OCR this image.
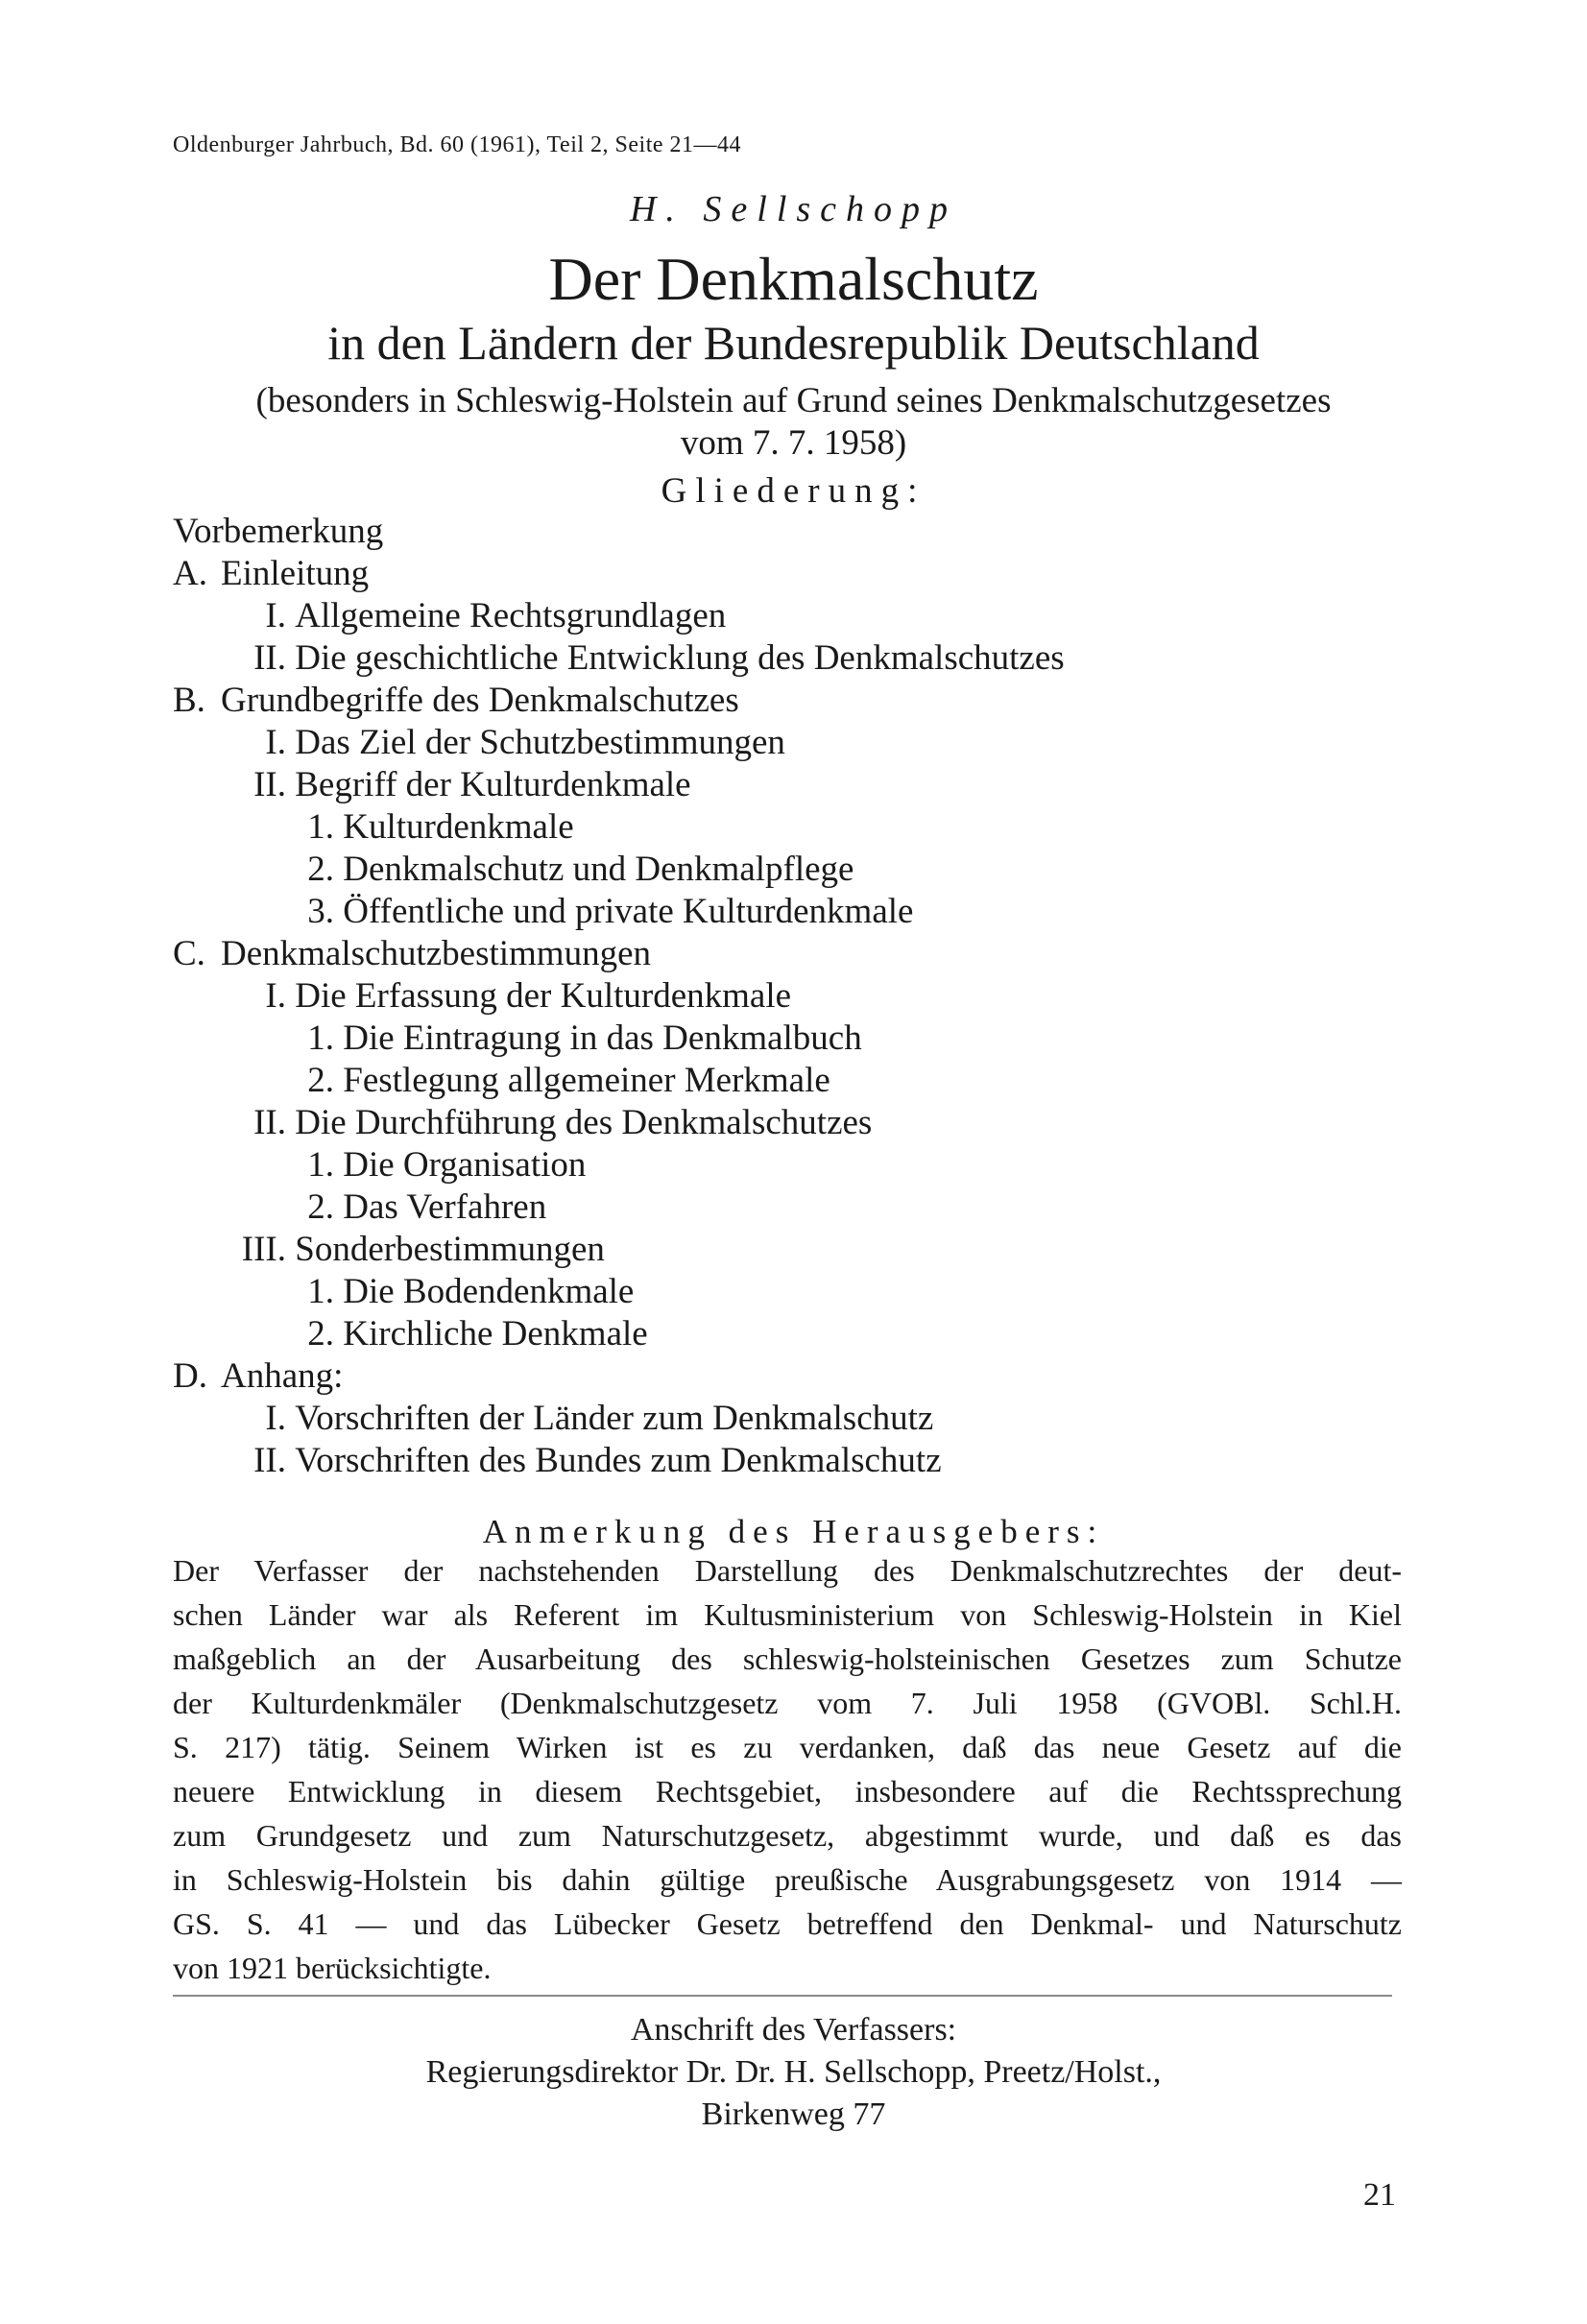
Oldenburger Jahrbuch, Bd. 60 (1961), Teil 2, Seite 21—44
H. Sellschopp
Der Denkmalschutz
in den Ländern der Bundesrepublik Deutschland
(besonders in Schleswig-Holstein auf Grund seines Denkmalschutzgesetzes
vom 7. 7. 1958)
Gliederung:
Vorbemerkung
A. Einleitung
I. Allgemeine Rechtsgrundlagen
II. Die geschichtliche Entwicklung des Denkmalschutzes
B. Grundbegriffe des Denkmalschutzes
I. Das Ziel der Schutzbestimmungen
II. Begriff der Kulturdenkmale
1. Kulturdenkmale
2. Denkmalschutz und Denkmalpflege
3. Öffentliche und private Kulturdenkmale
C. Denkmalschutzbestimmungen
I. Die Erfassung der Kulturdenkmale
1. Die Eintragung in das Denkmalbuch
2. Festlegung allgemeiner Merkmale
II. Die Durchführung des Denkmalschutzes
1. Die Organisation
2. Das Verfahren
III. Sonderbestimmungen
1. Die Bodendenkmale
2. Kirchliche Denkmale
D. Anhang:
I. Vorschriften der Länder zum Denkmalschutz
II. Vorschriften des Bundes zum Denkmalschutz
Anmerkung des Herausgebers:
Der Verfasser der nachstehenden Darstellung des Denkmalschutzrechtes der deut-
schen Länder war als Referent im Kultusministerium von Schleswig-Holstein in Kiel
maßgeblich an der Ausarbeitung des schleswig-holsteinischen Gesetzes zum Schutze
der Kulturdenkmäler (Denkmalschutzgesetz vom 7. Juli 1958 (GVOBl. Schl.H.
S. 217) tätig. Seinem Wirken ist es zu verdanken, daß das neue Gesetz auf die
neuere Entwicklung in diesem Rechtsgebiet, insbesondere auf die Rechtssprechung
zum Grundgesetz und zum Naturschutzgesetz, abgestimmt wurde, und daß es das
in Schleswig-Holstein bis dahin gültige preußische Ausgrabungsgesetz von 1914 —
GS. S. 41 — und das Lübecker Gesetz betreffend den Denkmal- und Naturschutz
von 1921 berücksichtigte.
Anschrift des Verfassers:
Regierungsdirektor Dr. Dr. H. Sellschopp, Preetz/Holst.,
Birkenweg 77
21
